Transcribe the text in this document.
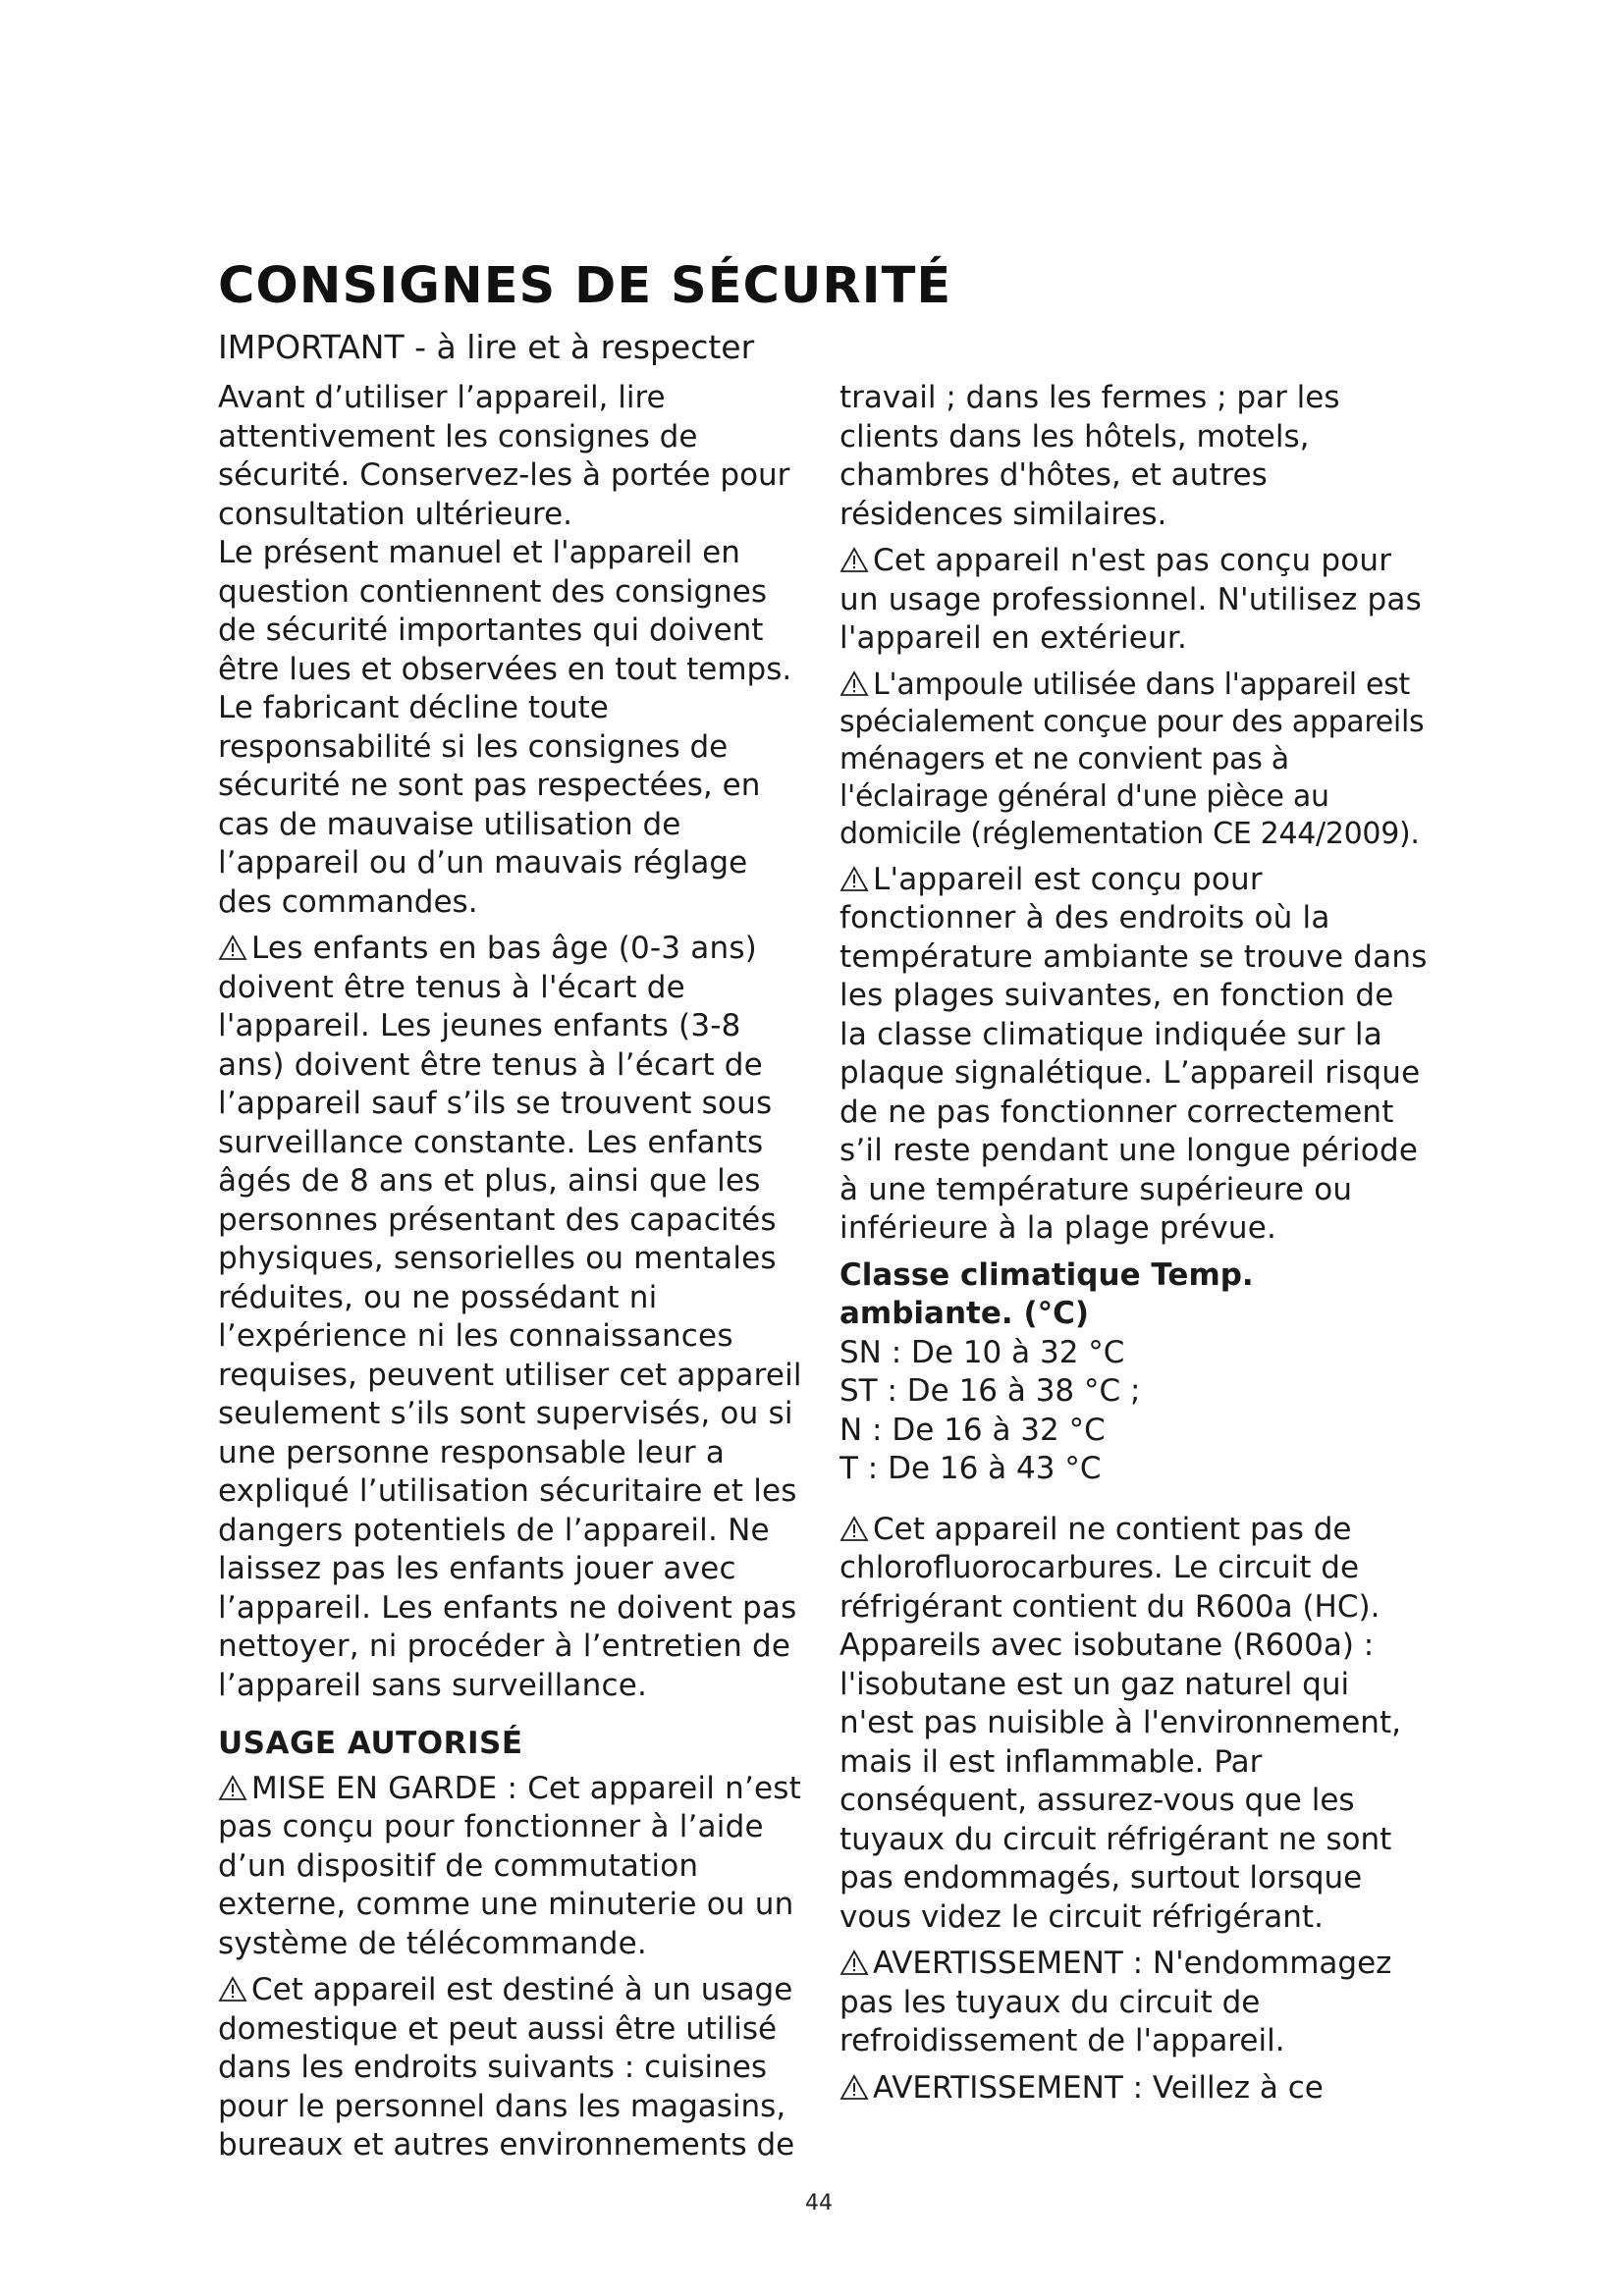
CONSIGNES DE SÉCURITÉ
IMPORTANT - à lire et à respecter

Avant d’utiliser l’appareil, lire attentivement les consignes de sécurité. Conservez-les à portée pour consultation ultérieure.

Le présent manuel et l'appareil en question contiennent des consignes de sécurité importantes qui doivent être lues et observées en tout temps.

Le fabricant décline toute responsabilité si les consignes de sécurité ne sont pas respectées, en cas de mauvaise utilisation de l’appareil ou d’un mauvais réglage des commandes.

Les enfants en bas âge (0-3 ans) doivent être tenus à l'écart de l'appareil. Les jeunes enfants (3-8 ans) doivent être tenus à l’écart de l’appareil sauf s’ils se trouvent sous surveillance constante. Les enfants âgés de 8 ans et plus, ainsi que les personnes présentant des capacités physiques, sensorielles ou mentales réduites, ou ne possédant ni l’expérience ni les connaissances requises, peuvent utiliser cet appareil seulement s’ils sont supervisés, ou si une personne responsable leur a expliqué l’utilisation sécuritaire et les dangers potentiels de l’appareil. Ne laissez pas les enfants jouer avec l’appareil. Les enfants ne doivent pas nettoyer, ni procéder à l’entretien de l’appareil sans surveillance.

USAGE AUTORISÉ

MISE EN GARDE : Cet appareil n’est pas conçu pour fonctionner à l’aide d’un dispositif de commutation externe, comme une minuterie ou un système de télécommande.

Cet appareil est destiné à un usage domestique et peut aussi être utilisé dans les endroits suivants : cuisines pour le personnel dans les magasins, bureaux et autres environnements de

travail ; dans les fermes ; par les clients dans les hôtels, motels, chambres d'hôtes, et autres résidences similaires.

Cet appareil n'est pas conçu pour un usage professionnel. N'utilisez pas l'appareil en extérieur.

L'ampoule utilisée dans l'appareil est spécialement conçue pour des appareils ménagers et ne convient pas à l'éclairage général d'une pièce au domicile (réglementation CE 244/2009).

L'appareil est conçu pour fonctionner à des endroits où la température ambiante se trouve dans les plages suivantes, en fonction de la classe climatique indiquée sur la plaque signalétique. L’appareil risque de ne pas fonctionner correctement s’il reste pendant une longue période à une température supérieure ou inférieure à la plage prévue.

Classe climatique Temp. ambiante. (°C)

SN : De 10 à 32 °C

ST : De 16 à 38 °C ;

N : De 16 à 32 °C

T : De 16 à 43 °C

Cet appareil ne contient pas de chlorofluorocarbures. Le circuit de réfrigérant contient du R600a (HC). Appareils avec isobutane (R600a) : l'isobutane est un gaz naturel qui n'est pas nuisible à l'environnement, mais il est inflammable. Par conséquent, assurez-vous que les tuyaux du circuit réfrigérant ne sont pas endommagés, surtout lorsque vous videz le circuit réfrigérant.

AVERTISSEMENT : N'endommagez pas les tuyaux du circuit de refroidissement de l'appareil.

AVERTISSEMENT : Veillez à ce

44
